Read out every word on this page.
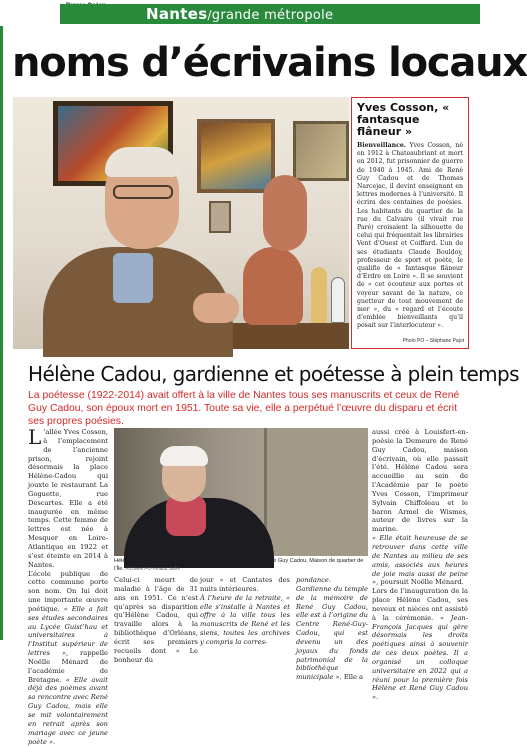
Nantes/grande métropole
noms d’écrivains locaux
Yves Cosson, « fantasque flâneur »
Bienveillance. Yves Cosson, né en 1912 à Chateaubriant et mort en 2012, fut prisonnier de guerre de 1940 à 1945. Ami de René Guy Cadou et de Thomas Narcejac, il devint enseignant en lettres modernes à l’université. Il écrira des centaines de poésies. Les habitants du quartier de la rue du Calvaire (il vivait rue Paré) croisaient la silhouette de celui qui fréquentait les librairies Vent d’Ouest et Coiffard. L’un de ses étudiants Claude Bouldoy, professeur de sport et poète, le qualifie de « fantasque flâneur d’Erdre en Loire ». Il se souvient de « cet écouteur aux portes et voyeur savant de la nature, ce guetteur de tout mouvement de mer », du « regard et l’écoute d’emblée bienveillants qu’il posait sur l’interlocuteur ».
Photo PO – Stéphane Pajot
Hélène Cadou, gardienne et poétesse à plein temps
La poétesse (1922-2014) avait offert à la ville de Nantes tous ses manuscrits et ceux de René Guy Cadou, son époux mort en 1951. Toute sa vie, elle a perpétué l’œuvre du disparu et écrit ses propres poésies.
L ’allée Yves Cosson, à l’emplacement de l’ancienne prison, rejoint désormais la place Hélène-Cadou qui jouxte le restaurant La Goguette, rue Descartes. Elle a été inaugurée en même temps. Cette femme de lettres est née à Mesquer en Loire-Atlantique en 1922 et s’est éteinte en 2014 à Nantes.
L’école publique de cette commune porte son nom. On lui doit une importante œuvre poétique. « Elle a fait ses études secondaires au Lycée Guist’hau et universitaires à l’Institut supérieur de lettres », rappelle Noëlle Ménard de l’académie de Bretagne. « Elle avait déjà des poèmes avant sa rencontre avec René Guy Cadou, mais elle se mit volontairement en retrait après son mariage avec ce jeune poète ».
Hélène Cadou en 2008 lors de l’inauguration de la plaque à René Guy Cadou, Maison de quartier de l’Île. Archives PO-Arnaud Jaffré
Celui-ci meurt de maladie à l’âge de 31 ans en 1951. Ce n’est qu’après sa disparition qu’Hélène Cadou, qui travaille alors à la bibliothèque d’Orléans, écrit ses premiers recueils dont « Le bonheur du
jour » et Cantates des nuits intérieures.
À l’heure de la retraite, « elle s’installe à Nantes et offre à la ville tous les manuscrits de René et les siens, toutes les archives y compris la corres-
pondance. Gardienne du temple de la mémoire de René Guy Cadou, elle est à l’origine du Centre René-Guy-Cadou, qui est devenu un des joyaux du fonds patrimonial de la bibliothèque municipale ». Elle a
aussi créé à Louisfert-en-poésie la Demeure de René Guy Cadou, maison d’écrivain, où elle passait l’été. Hélène Cadou sera accueillie au sein de l’Académie par le poète Yves Cosson, l’imprimeur Sylvain Chiffoleau et le baron Armel de Wismes, auteur de livres sur la marine.
« Elle était heureuse de se retrouver dans cette ville de Nantes au milieu de ses amis, associés aux heures de joie mais aussi de peine », poursuit Noëlle Ménard.
Lors de l’inauguration de la place Hélène Cadou, ses neveux et nièces ont assisté à la cérémonie. « Jean-François Jacques qui gère désormais les droits poétiques ainsi à souvenir de ces deux poètes. Il a organisé un colloque universitaire en 2022 qui a réuni pour la première fois Hélène et René Guy Cadou ».
